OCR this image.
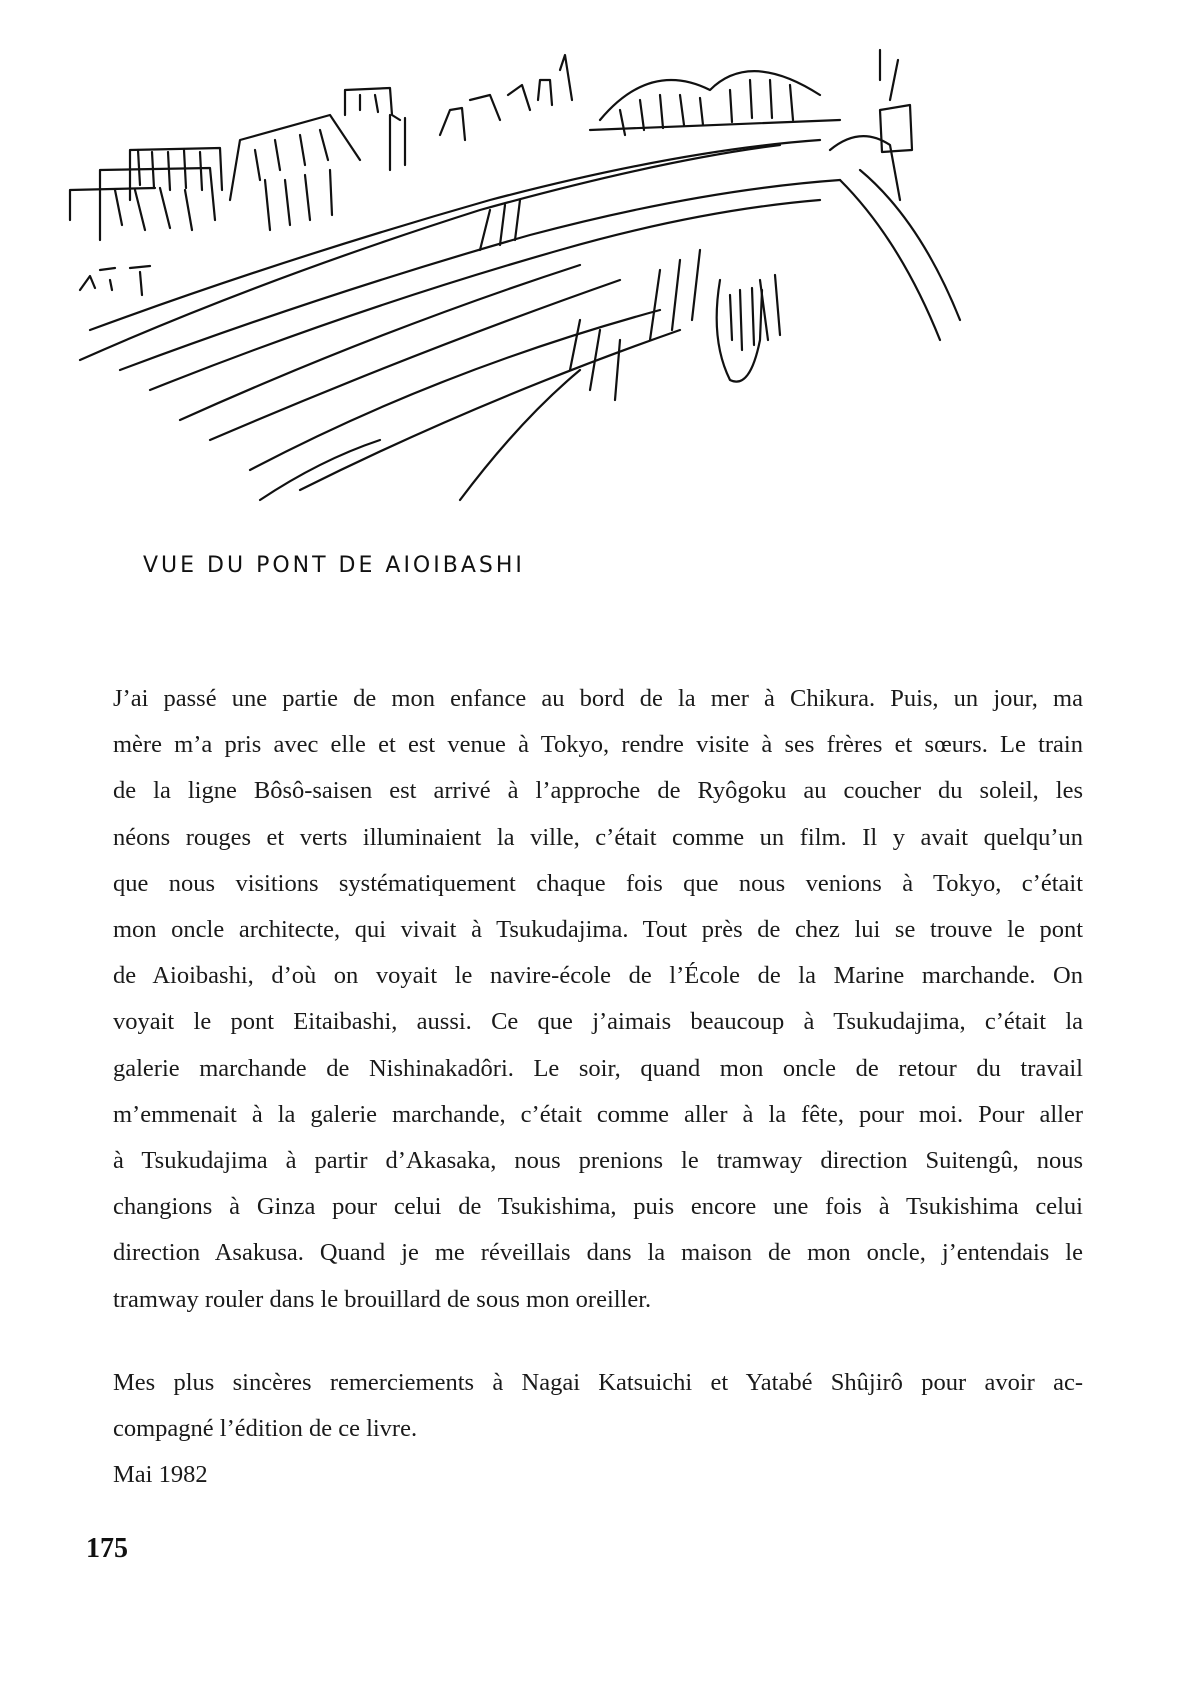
VUE DU PONT DE AIOIBASHI
J’ai passé une partie de mon enfance au bord de la mer à Chikura. Puis, un jour, ma
mère m’a pris avec elle et est venue à Tokyo, rendre visite à ses frères et sœurs. Le train
de la ligne Bôsô-saisen est arrivé à l’approche de Ryôgoku au coucher du soleil, les
néons rouges et verts illuminaient la ville, c’était comme un film. Il y avait quelqu’un
que nous visitions systématiquement chaque fois que nous venions à Tokyo, c’était
mon oncle architecte, qui vivait à Tsukudajima. Tout près de chez lui se trouve le pont
de Aioibashi, d’où on voyait le navire-école de l’École de la Marine marchande. On
voyait le pont Eitaibashi, aussi. Ce que j’aimais beaucoup à Tsukudajima, c’était la
galerie marchande de Nishinakadôri. Le soir, quand mon oncle de retour du travail
m’emmenait à la galerie marchande, c’était comme aller à la fête, pour moi. Pour aller
à Tsukudajima à partir d’Akasaka, nous prenions le tramway direction Suitengû, nous
changions à Ginza pour celui de Tsukishima, puis encore une fois à Tsukishima celui
direction Asakusa. Quand je me réveillais dans la maison de mon oncle, j’entendais le
tramway rouler dans le brouillard de sous mon oreiller.
Mes plus sincères remerciements à Nagai Katsuichi et Yatabé Shûjirô pour avoir ac-
compagné l’édition de ce livre.
Mai 1982
175
